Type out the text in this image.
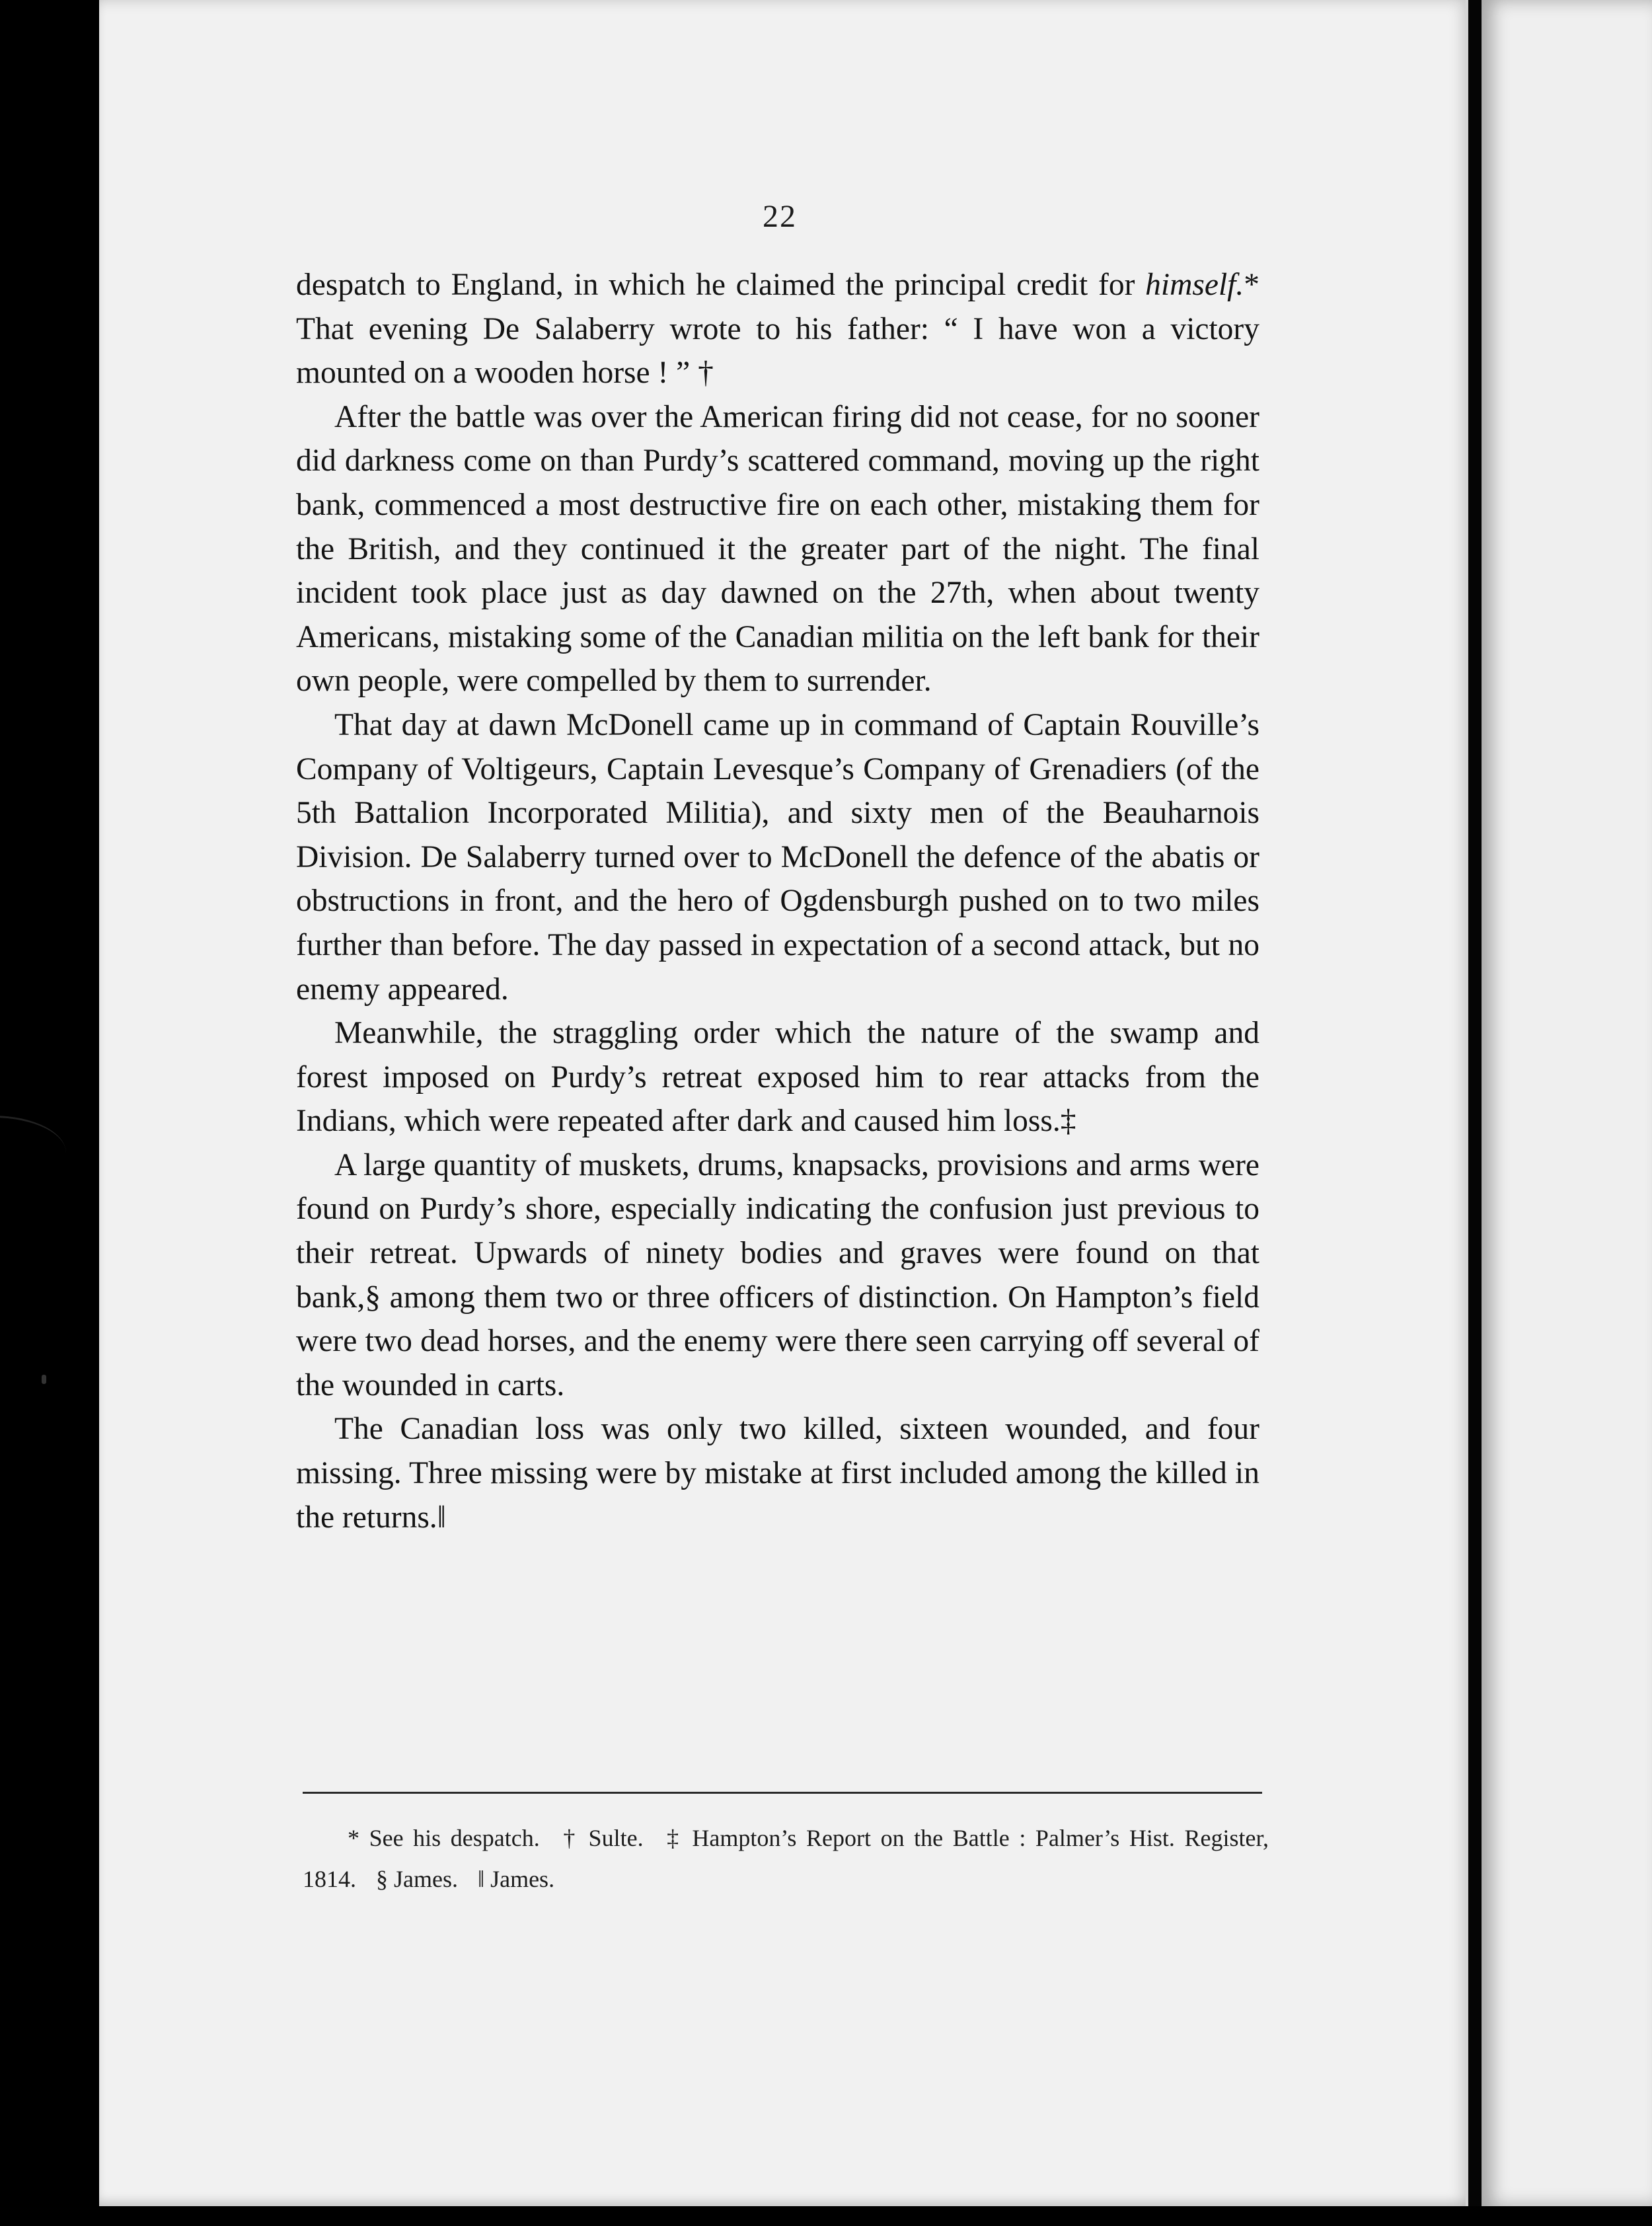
22

despatch to England, in which he claimed the principal credit for himself.* That evening De Salaberry wrote to his father: “ I have won a victory mounted on a wooden horse ! ” †

After the battle was over the American firing did not cease, for no sooner did darkness come on than Purdy’s scattered command, moving up the right bank, commenced a most destructive fire on each other, mistaking them for the British, and they continued it the greater part of the night. The final incident took place just as day dawned on the 27th, when about twenty Americans, mistaking some of the Canadian militia on the left bank for their own people, were compelled by them to surrender.

That day at dawn McDonell came up in command of Captain Rouville’s Company of Voltigeurs, Captain Levesque’s Company of Grenadiers (of the 5th Battalion Incorporated Militia), and sixty men of the Beauharnois Division. De Salaberry turned over to McDonell the defence of the abatis or obstructions in front, and the hero of Ogdensburgh pushed on to two miles further than before. The day passed in expectation of a second attack, but no enemy appeared.

Meanwhile, the straggling order which the nature of the swamp and forest imposed on Purdy’s retreat exposed him to rear attacks from the Indians, which were repeated after dark and caused him loss.‡

A large quantity of muskets, drums, knapsacks, provisions and arms were found on Purdy’s shore, especially indicating the confusion just previous to their retreat. Upwards of ninety bodies and graves were found on that bank,§ among them two or three officers of distinction. On Hampton’s field were two dead horses, and the enemy were there seen carrying off several of the wounded in carts.

The Canadian loss was only two killed, sixteen wounded, and four missing. Three missing were by mistake at first included among the killed in the returns.‖

* See his despatch. † Sulte. ‡ Hampton’s Report on the Battle : Palmer’s Hist. Register, 1814. § James. ‖ James.
